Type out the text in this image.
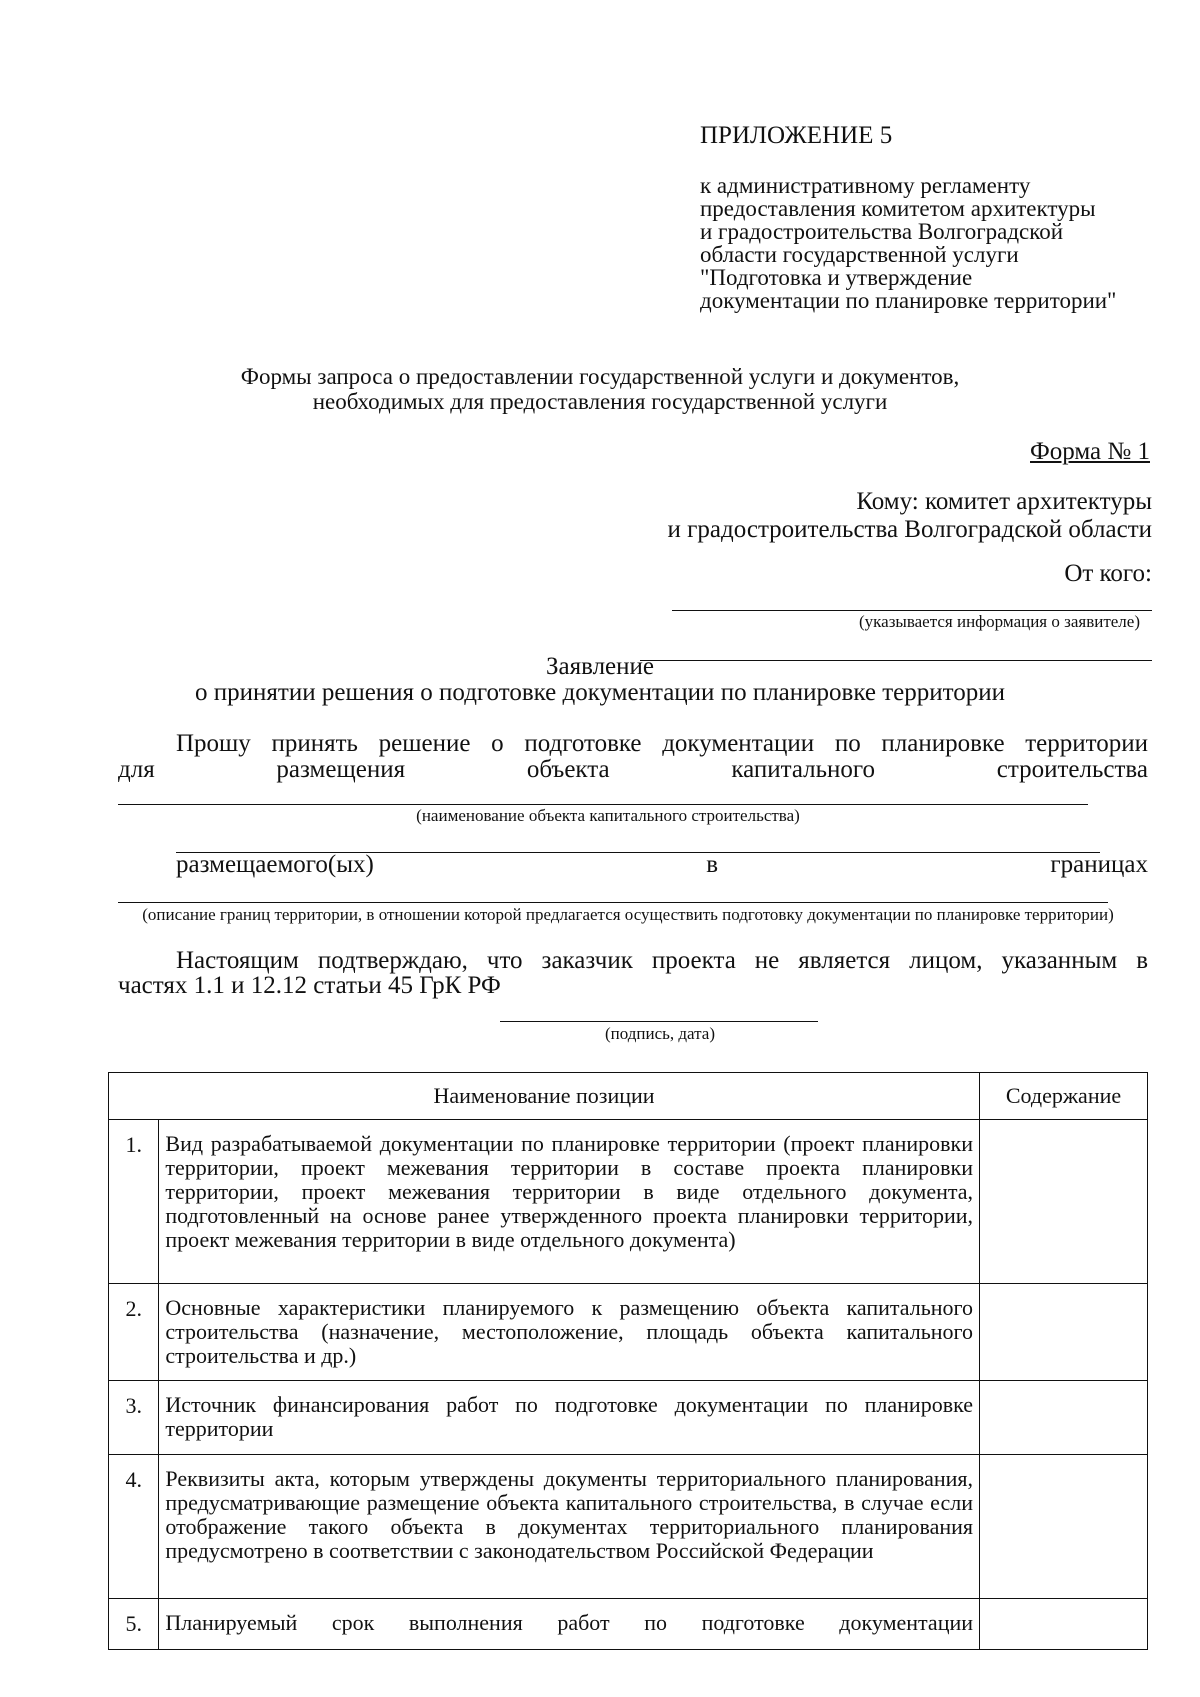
ПРИЛОЖЕНИЕ 5
к административному регламенту
предоставления комитетом архитектуры
и градостроительства Волгоградской
области государственной услуги
"Подготовка и утверждение
документации по планировке территории"
Формы запроса о предоставлении государственной услуги и документов,
необходимых для предоставления государственной услуги
Форма № 1
Кому: комитет архитектуры
и градостроительства Волгоградской области
От кого:
(указывается информация о заявителе)
Заявление
о принятии решения о подготовке документации по планировке территории
Прошу принять решение о подготовке документации по планировке территории
для размещения объекта капитального строительства
(наименование объекта капитального строительства)
размещаемого(ых) в границах
(описание границ территории, в отношении которой предлагается осуществить подготовку документации по планировке территории)
Настоящим подтверждаю, что заказчик проекта не является лицом, указанным в
частях 1.1 и 12.12 статьи 45 ГрК РФ
(подпись, дата)
Наименование позиции		Содержание
1.	Вид разрабатываемой документации по планировке территории (проект планировки территории, проект межевания территории в составе проекта планировки территории, проект межевания территории в виде отдельного документа, подготовленный на основе ранее утвержденного проекта планировки территории, проект межевания территории в виде отдельного документа)	
2.	Основные характеристики планируемого к размещению объекта капитального строительства (назначение, местоположение, площадь объекта капитального строительства и др.)	
3.	Источник финансирования работ по подготовке документации по планировке территории	
4.	Реквизиты акта, которым утверждены документы территориального планирования, предусматривающие размещение объекта капитального строительства, в случае если отображение такого объекта в документах территориального планирования предусмотрено в соответствии с законодательством Российской Федерации	
5.	Планируемый срок выполнения работ по подготовке документации	
